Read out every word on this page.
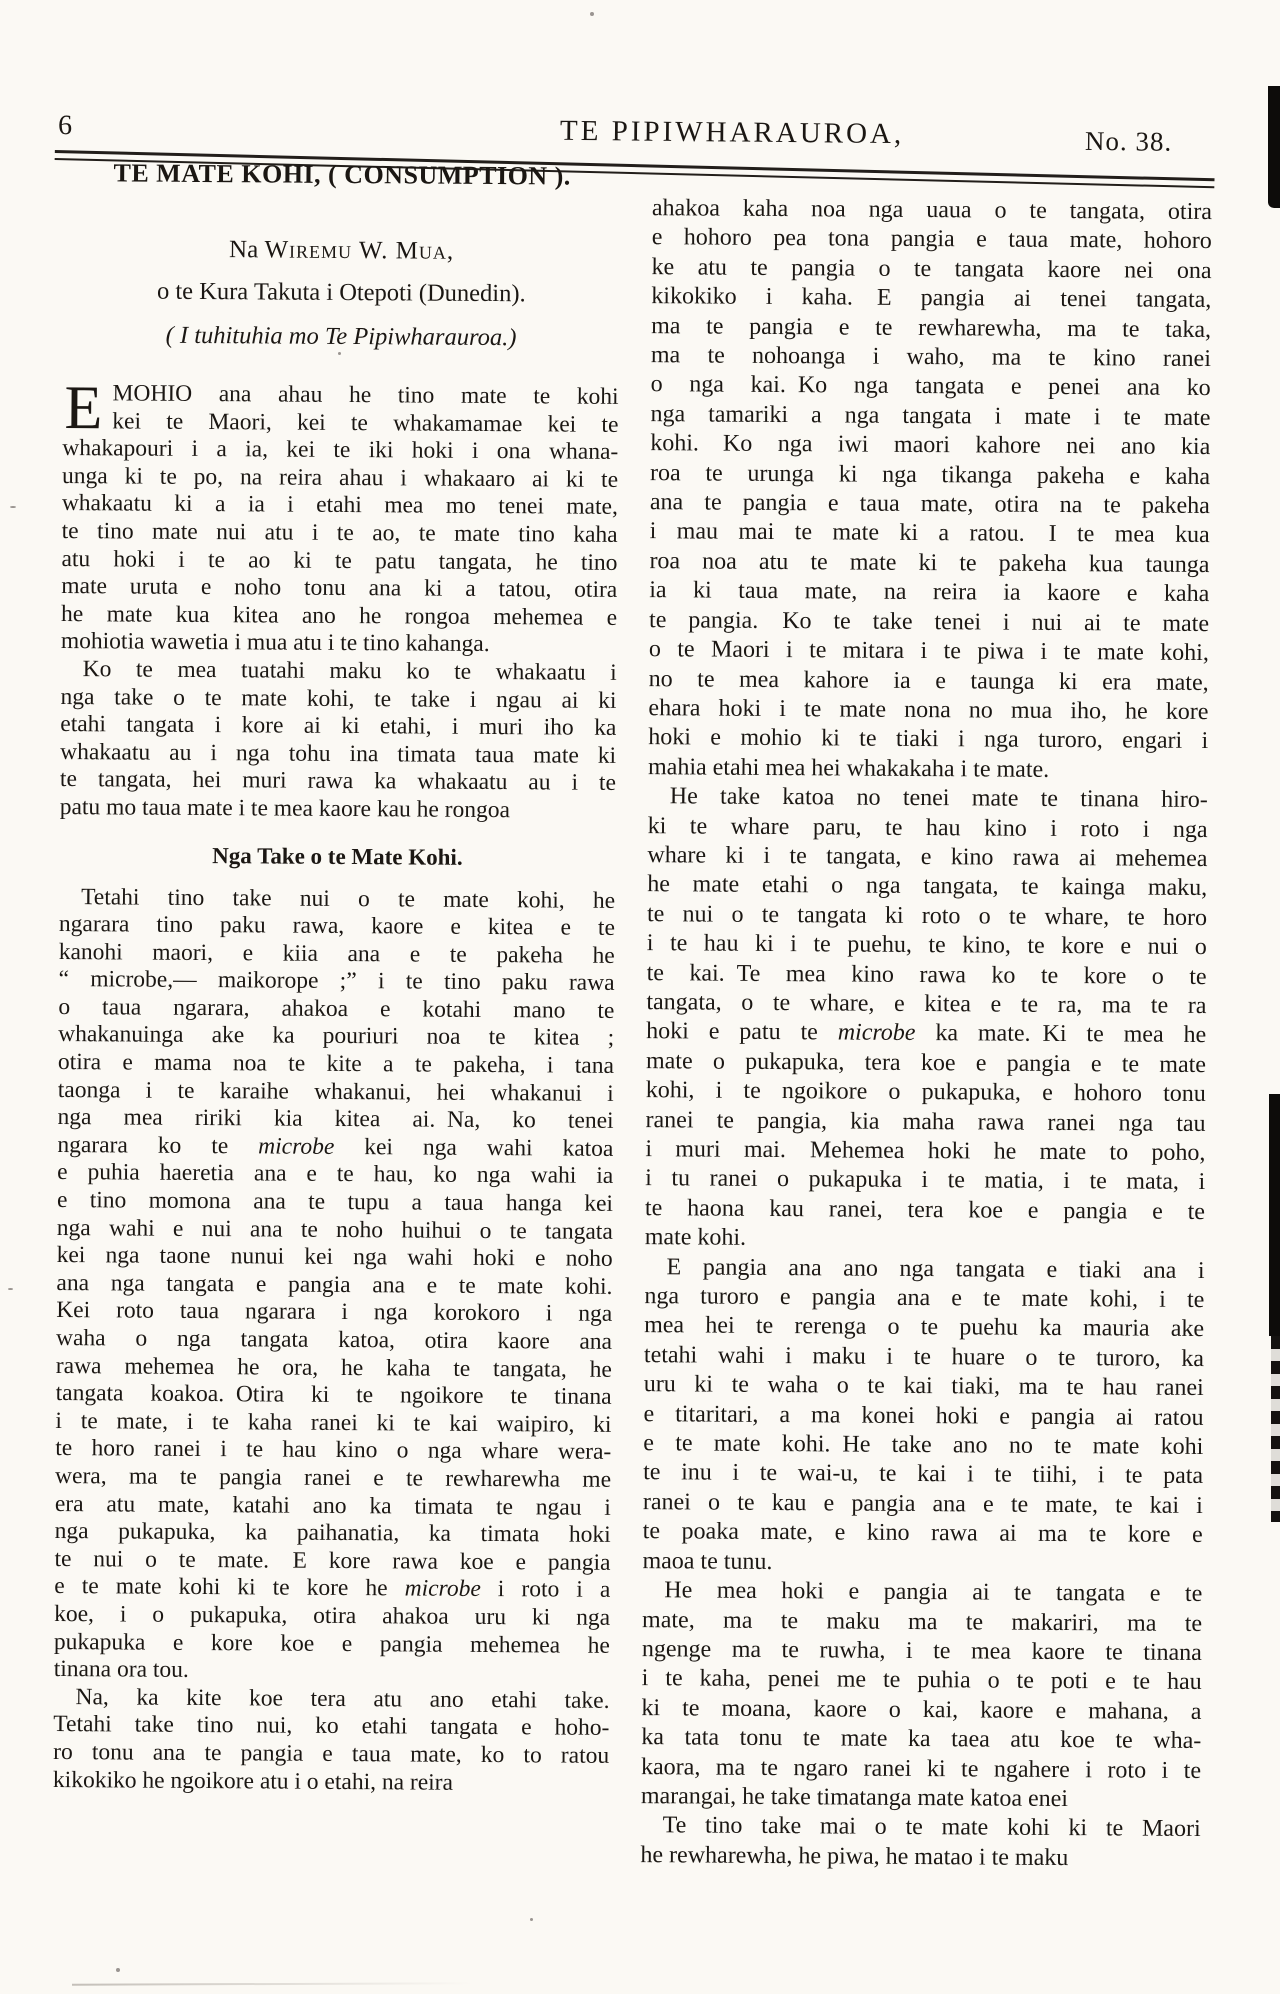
6	TE PIPIWHARAUROA,	No. 38.
TE MATE KOHI, ( CONSUMPTION ).
Na Wiremu W. Mua,
o te Kura Takuta i Otepoti (Dunedin).
( I tuhituhia mo Te Pipiwharauroa.)
E MOHIO ana ahau he tino mate te kohi
kei te Maori, kei te whakamamae kei te
whakapouri i a ia, kei te iki hoki i ona whana-
unga ki te po, na reira ahau i whakaaro ai ki te
whakaatu ki a ia i etahi mea mo tenei mate,
te tino mate nui atu i te ao, te mate tino kaha
atu hoki i te ao ki te patu tangata, he tino
mate uruta e noho tonu ana ki a tatou, otira
he mate kua kitea ano he rongoa mehemea e
mohiotia wawetia i mua atu i te tino kahanga.
Ko te mea tuatahi maku ko te whakaatu i
nga take o te mate kohi, te take i ngau ai ki
etahi tangata i kore ai ki etahi, i muri iho ka
whakaatu au i nga tohu ina timata taua mate ki
te tangata, hei muri rawa ka whakaatu au i te
patu mo taua mate i te mea kaore kau he rongoa
Nga Take o te Mate Kohi.
Tetahi tino take nui o te mate kohi, he
ngarara tino paku rawa, kaore e kitea e te
kanohi maori, e kiia ana e te pakeha he
“ microbe,— maikorope ;” i te tino paku rawa
o taua ngarara, ahakoa e kotahi mano te
whakanuinga ake ka pouriuri noa te kitea ;
otira e mama noa te kite a te pakeha, i tana
taonga i te karaihe whakanui, hei whakanui i
nga mea ririki kia kitea ai. Na, ko tenei
ngarara ko te microbe kei nga wahi katoa
e puhia haeretia ana e te hau, ko nga wahi ia
e tino momona ana te tupu a taua hanga kei
nga wahi e nui ana te noho huihui o te tangata
kei nga taone nunui kei nga wahi hoki e noho
ana nga tangata e pangia ana e te mate kohi.
Kei roto taua ngarara i nga korokoro i nga
waha o nga tangata katoa, otira kaore ana
rawa mehemea he ora, he kaha te tangata, he
tangata koakoa. Otira ki te ngoikore te tinana
i te mate, i te kaha ranei ki te kai waipiro, ki
te horo ranei i te hau kino o nga whare wera-
wera, ma te pangia ranei e te rewharewha me
era atu mate, katahi ano ka timata te ngau i
nga pukapuka, ka paihanatia, ka timata hoki
te nui o te mate.  E kore rawa koe e pangia
e te mate kohi ki te kore he microbe i roto i a
koe, i o pukapuka, otira ahakoa uru ki nga
pukapuka e kore koe e pangia mehemea he
tinana ora tou.
Na, ka kite koe tera atu ano etahi take.
Tetahi take tino nui, ko etahi tangata e hoho-
ro tonu ana te pangia e taua mate, ko to ratou
kikokiko he ngoikore atu i o etahi, na reira
ahakoa kaha noa nga uaua o te tangata, otira
e hohoro pea tona pangia e taua mate, hohoro
ke atu te pangia o te tangata kaore nei ona
kikokiko i kaha.  E pangia ai tenei tangata,
ma te pangia e te rewharewha, ma te taka,
ma te nohoanga i waho, ma te kino ranei
o nga kai. Ko nga tangata e penei ana ko
nga tamariki a nga tangata i mate i te mate
kohi.  Ko nga iwi maori kahore nei ano kia
roa te urunga ki nga tikanga pakeha e kaha
ana te pangia e taua mate, otira na te pakeha
i mau mai te mate ki a ratou.  I te mea kua
roa noa atu te mate ki te pakeha kua taunga
ia ki taua mate, na reira ia kaore e kaha
te pangia.  Ko te take tenei i nui ai te mate
o te Maori i te mitara i te piwa i te mate kohi,
no te mea kahore ia e taunga ki era mate,
ehara hoki i te mate nona no mua iho, he kore
hoki e mohio ki te tiaki i nga turoro, engari i
mahia etahi mea hei whakakaha i te mate.
He take katoa no tenei mate te tinana hiro-
ki te whare paru, te hau kino i roto i nga
whare ki i te tangata, e kino rawa ai mehemea
he mate etahi o nga tangata, te kainga maku,
te nui o te tangata ki roto o te whare, te horo
i te hau ki i te puehu, te kino, te kore e nui o
te kai. Te mea kino rawa ko te kore o te
tangata, o te whare, e kitea e te ra, ma te ra
hoki e patu te microbe ka mate. Ki te mea he
mate o pukapuka, tera koe e pangia e te mate
kohi, i te ngoikore o pukapuka, e hohoro tonu
ranei te pangia, kia maha rawa ranei nga tau
i muri mai.  Mehemea hoki he mate to poho,
i tu ranei o pukapuka i te matia, i te mata, i
te haona kau ranei, tera koe e pangia e te
mate kohi.
E pangia ana ano nga tangata e tiaki ana i
nga turoro e pangia ana e te mate kohi, i te
mea hei te rerenga o te puehu ka mauria ake
tetahi wahi i maku i te huare o te turoro, ka
uru ki te waha o te kai tiaki, ma te hau ranei
e titaritari, a ma konei hoki e pangia ai ratou
e te mate kohi. He take ano no te mate kohi
te inu i te wai-u, te kai i te tiihi, i te pata
ranei o te kau e pangia ana e te mate, te kai i
te poaka mate, e kino rawa ai ma te kore e
maoa te tunu.
He mea hoki e pangia ai te tangata e te
mate, ma te maku ma te makariri, ma te
ngenge ma te ruwha, i te mea kaore te tinana
i te kaha, penei me te puhia o te poti e te hau
ki te moana, kaore o kai, kaore e mahana, a
ka tata tonu te mate ka taea atu koe te wha-
kaora, ma te ngaro ranei ki te ngahere i roto i te
marangai, he take timatanga mate katoa enei
Te tino take mai o te mate kohi ki te Maori
he rewharewha, he piwa, he matao i te maku
